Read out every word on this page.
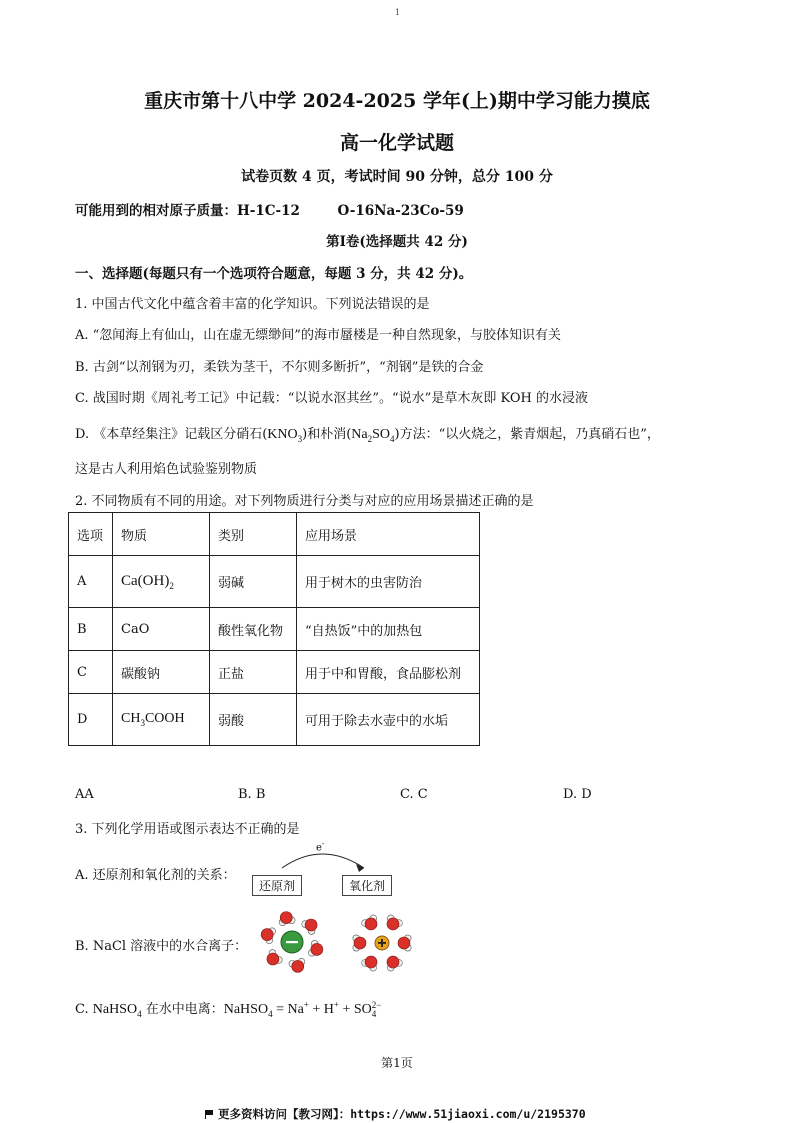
1
重庆市第十八中学 2024-2025 学年(上)期中学习能力摸底
高一化学试题
试卷页数 4 页，考试时间 90 分钟，总分 100 分
可能用到的相对原子质量：H-1C-12        O-16Na-23Co-59
第Ⅰ卷(选择题共 42 分)
一、选择题(每题只有一个选项符合题意，每题 3 分，共 42 分)。
1. 中国古代文化中蕴含着丰富的化学知识。下列说法错误的是
A. “忽闻海上有仙山，山在虚无缥缈间”的海市蜃楼是一种自然现象，与胶体知识有关
B. 古剑“以剂钢为刃，柔铁为茎干，不尔则多断折”，“剂钢”是铁的合金
C. 战国时期《周礼考工记》中记载：“以说水沤其丝”。“说水”是草木灰即 KOH 的水浸液
D. 《本草经集注》记载区分硝石$(KNO_3)$和朴消$(Na_2SO_4)$方法：“以火烧之，紫青烟起，乃真硝石也”，
这是古人利用焰色试验鉴别物质
2. 不同物质有不同的用途。对下列物质进行分类与对应的应用场景描述正确的是
选项	物质	类别	应用场景
A	$Ca(OH)_2$	弱碱	用于树木的虫害防治
B	CaO	酸性氧化物	“自热饭”中的加热包
C	碳酸钠	正盐	用于中和胃酸，食品膨松剂
D	$CH_3COOH$	弱酸	可用于除去水壶中的水垢
AA	B. B	C. C	D. D
3. 下列化学用语或图示表达不正确的是
A. 还原剂和氧化剂的关系：
e-
还原剂	氧化剂
B. NaCl 溶液中的水合离子：
C. NaHSO$_4$ 在水中电离：NaHSO$_4$ = Na+ + H+ + SO 2−
4
第1页
更多资料访问【教习网】：https://www.51jiaoxi.com/u/2195370
